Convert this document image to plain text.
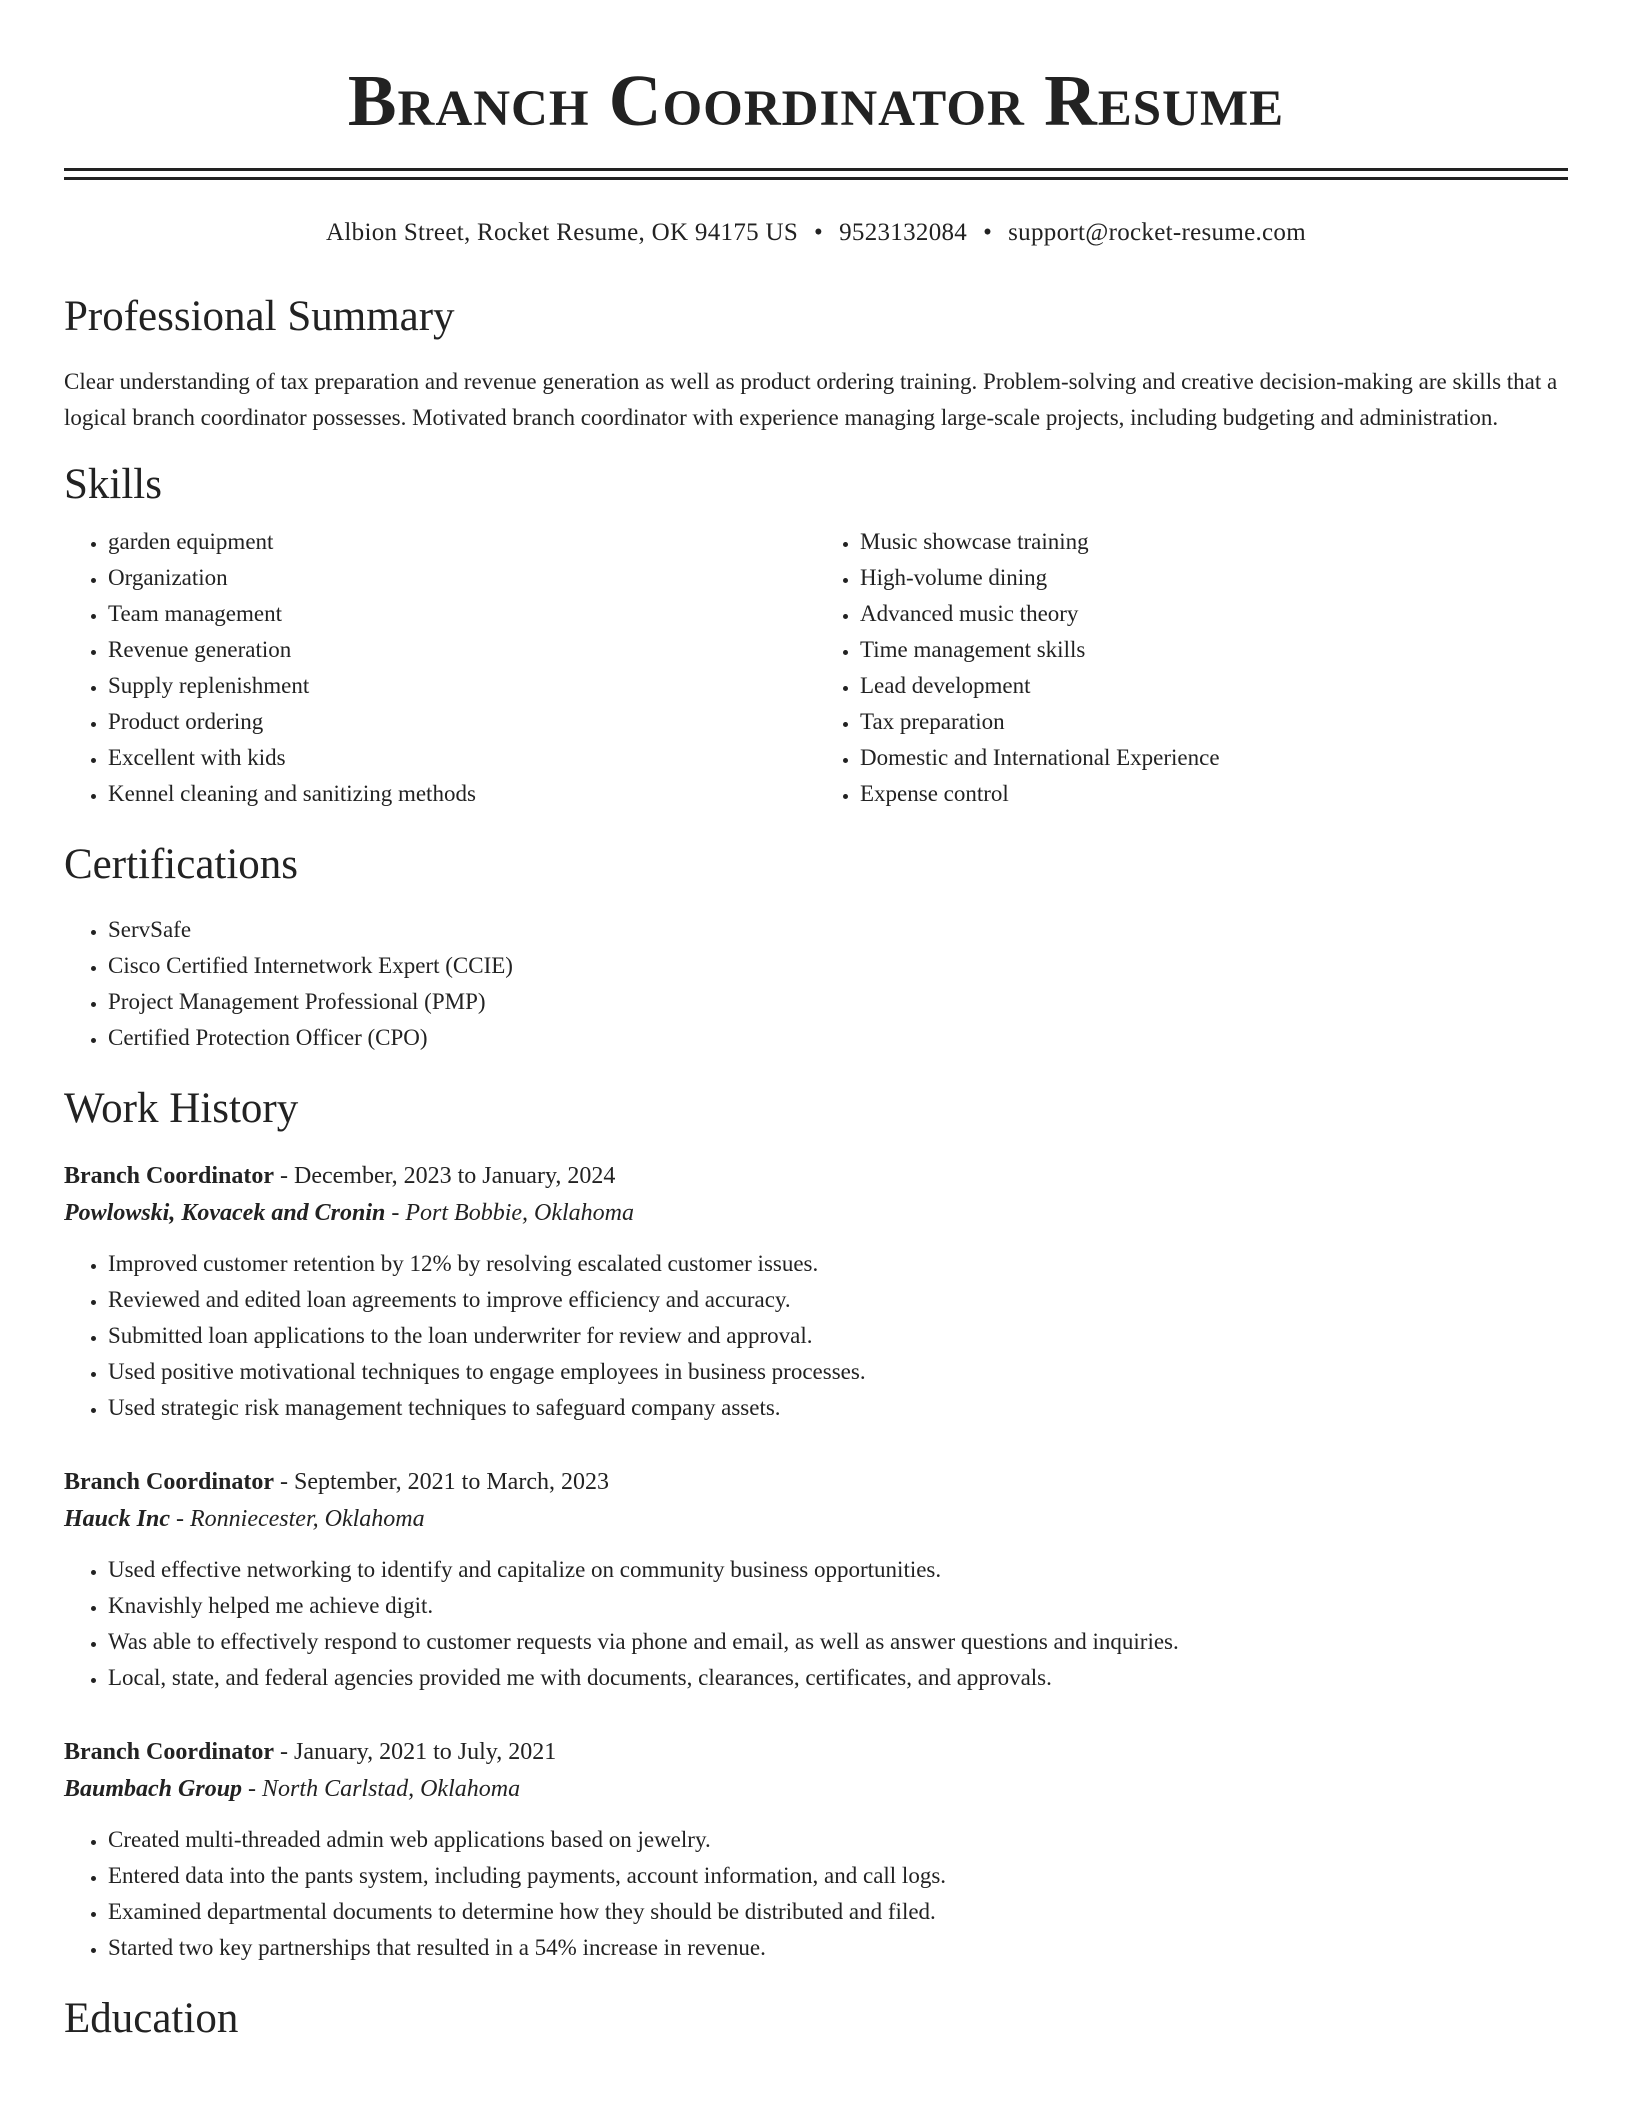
Branch Coordinator Resume
Albion Street, Rocket Resume, OK 94175 US • 9523132084 • support@rocket-resume.com
Professional Summary

Clear understanding of tax preparation and revenue generation as well as product ordering training. Problem-solving and creative decision-making are skills that a logical branch coordinator possesses. Motivated branch coordinator with experience managing large-scale projects, including budgeting and administration.

Skills
• garden equipment
• Organization
• Team management
• Revenue generation
• Supply replenishment
• Product ordering
• Excellent with kids
• Kennel cleaning and sanitizing methods
• Music showcase training
• High-volume dining
• Advanced music theory
• Time management skills
• Lead development
• Tax preparation
• Domestic and International Experience
• Expense control
Certifications
• ServSafe
• Cisco Certified Internetwork Expert (CCIE)
• Project Management Professional (PMP)
• Certified Protection Officer (CPO)
Work History
Branch Coordinator - December, 2023 to January, 2024
Powlowski, Kovacek and Cronin - Port Bobbie, Oklahoma
• Improved customer retention by 12% by resolving escalated customer issues.
• Reviewed and edited loan agreements to improve efficiency and accuracy.
• Submitted loan applications to the loan underwriter for review and approval.
• Used positive motivational techniques to engage employees in business processes.
• Used strategic risk management techniques to safeguard company assets.
Branch Coordinator - September, 2021 to March, 2023
Hauck Inc - Ronniecester, Oklahoma
• Used effective networking to identify and capitalize on community business opportunities.
• Knavishly helped me achieve digit.
• Was able to effectively respond to customer requests via phone and email, as well as answer questions and inquiries.
• Local, state, and federal agencies provided me with documents, clearances, certificates, and approvals.
Branch Coordinator - January, 2021 to July, 2021
Baumbach Group - North Carlstad, Oklahoma
• Created multi-threaded admin web applications based on jewelry.
• Entered data into the pants system, including payments, account information, and call logs.
• Examined departmental documents to determine how they should be distributed and filed.
• Started two key partnerships that resulted in a 54% increase in revenue.
Education
